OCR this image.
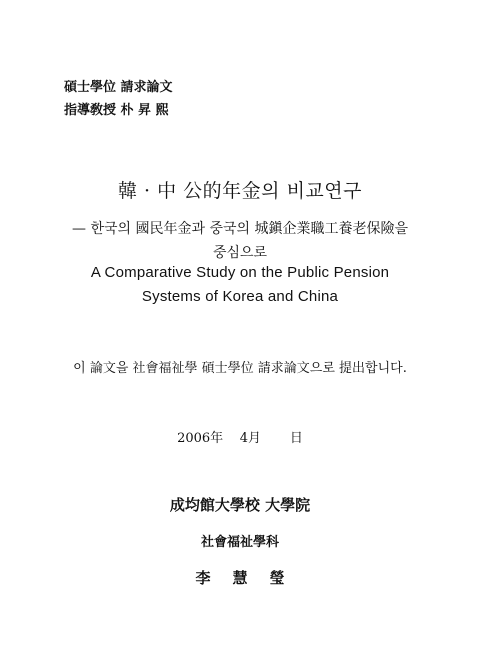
碩士學位 請求論文
指導敎授 朴 昇 熙
韓 · 中 公的年金의 비교연구
— 한국의 國民年金과 중국의 城鎭企業職工養老保險을
중심으로
A Comparative Study on the Public Pension
Systems of Korea and China
이 論文을 社會福祉學 碩士學位 請求論文으로 提出합니다.
2006年    4月       日
成均館大學校 大學院
社會福祉學科
李慧瑩
